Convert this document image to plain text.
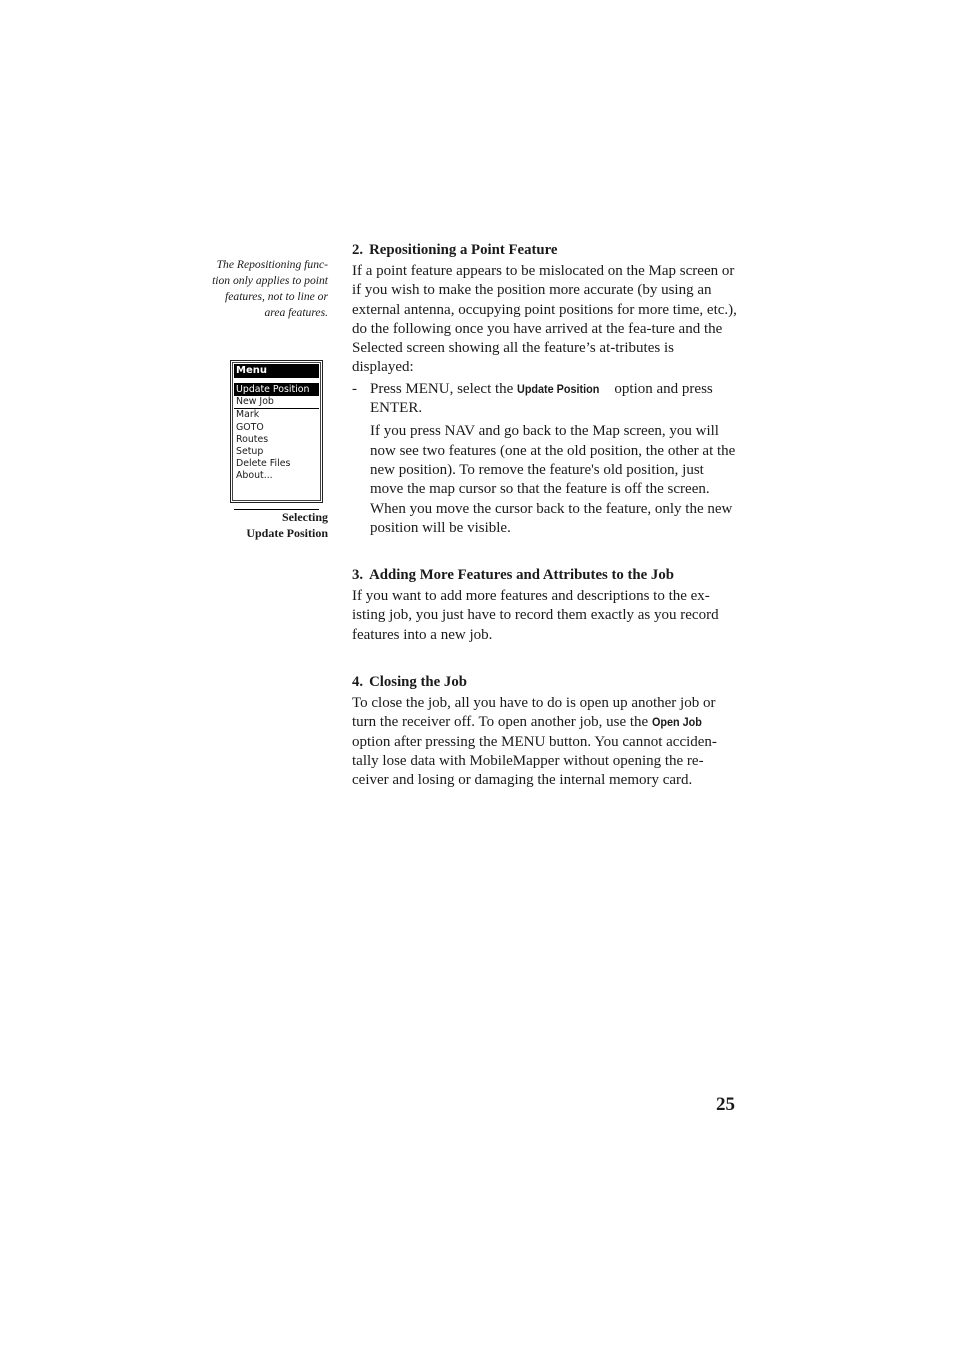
The Repositioning func-
tion only applies to point
features, not to line or
area features.

Menu
Update Position
New Job
Mark
GOTO
Routes
Setup
Delete Files
About...
Selecting
Update Position
2. Repositioning a Point Feature

If a point feature appears to be mislocated on the Map screen or if you wish to make the position more accurate (by using an external antenna, occupying point positions for more time, etc.), do the following once you have arrived at the fea-ture and the Selected screen showing all the feature’s at-tributes is displayed:

- Press MENU, select the Update Position option and press ENTER.

If you press NAV and go back to the Map screen, you will now see two features (one at the old position, the other at the new position). To remove the feature's old position, just move the map cursor so that the feature is off the screen. When you move the cursor back to the feature, only the new position will be visible.

3. Adding More Features and Attributes to the Job

If you want to add more features and descriptions to the ex-isting job, you just have to record them exactly as you record features into a new job.

4. Closing the Job

To close the job, all you have to do is open up another job or turn the receiver off. To open another job, use the Open Job option after pressing the MENU button. You cannot acciden-tally lose data with MobileMapper without opening the re-ceiver and losing or damaging the internal memory card.

25
